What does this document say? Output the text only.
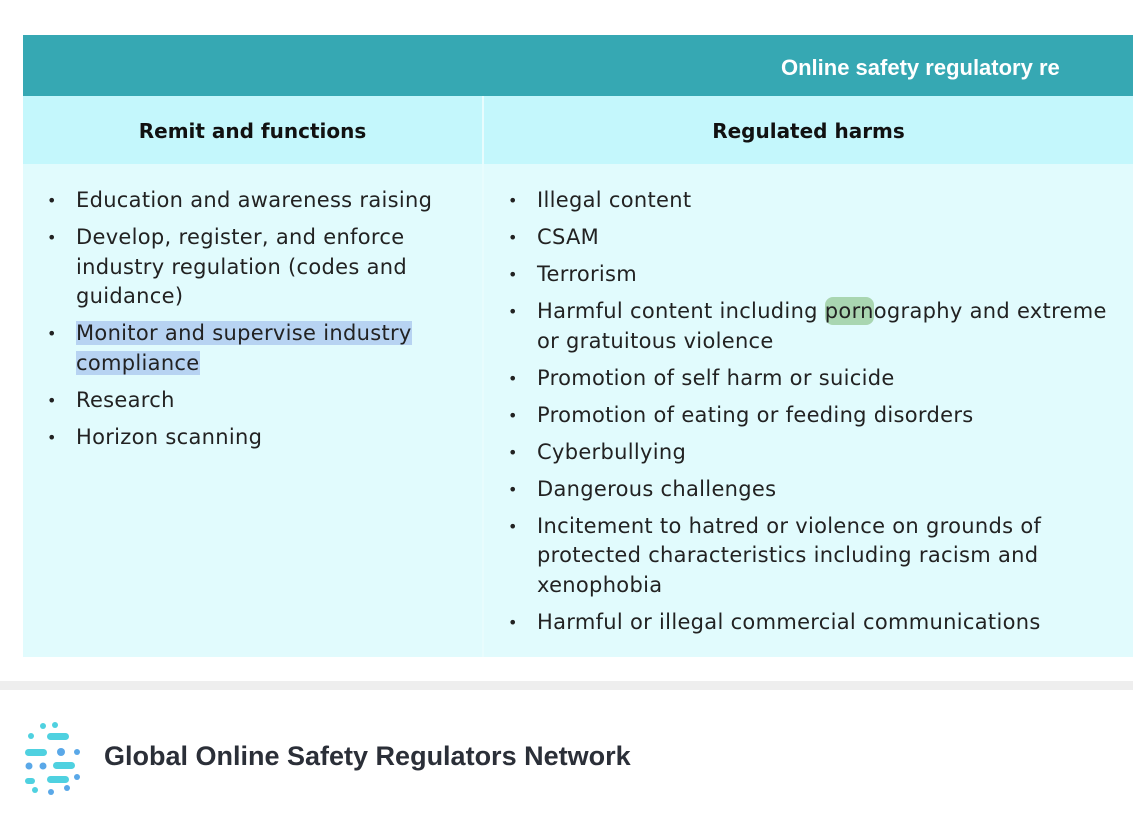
Online safety regulatory re
Remit and functions	Regulated harms
• Education and awareness raising
• Develop, register, and enforce industry regulation (codes and guidance)
• Monitor and supervise industry compliance
• Research
• Horizon scanning
• Illegal content
• CSAM
• Terrorism
• Harmful content including pornography and extreme or gratuitous violence
• Promotion of self harm or suicide
• Promotion of eating or feeding disorders
• Cyberbullying
• Dangerous challenges
• Incitement to hatred or violence on grounds of protected characteristics including racism and xenophobia
• Harmful or illegal commercial communications
Global Online Safety Regulators Network
